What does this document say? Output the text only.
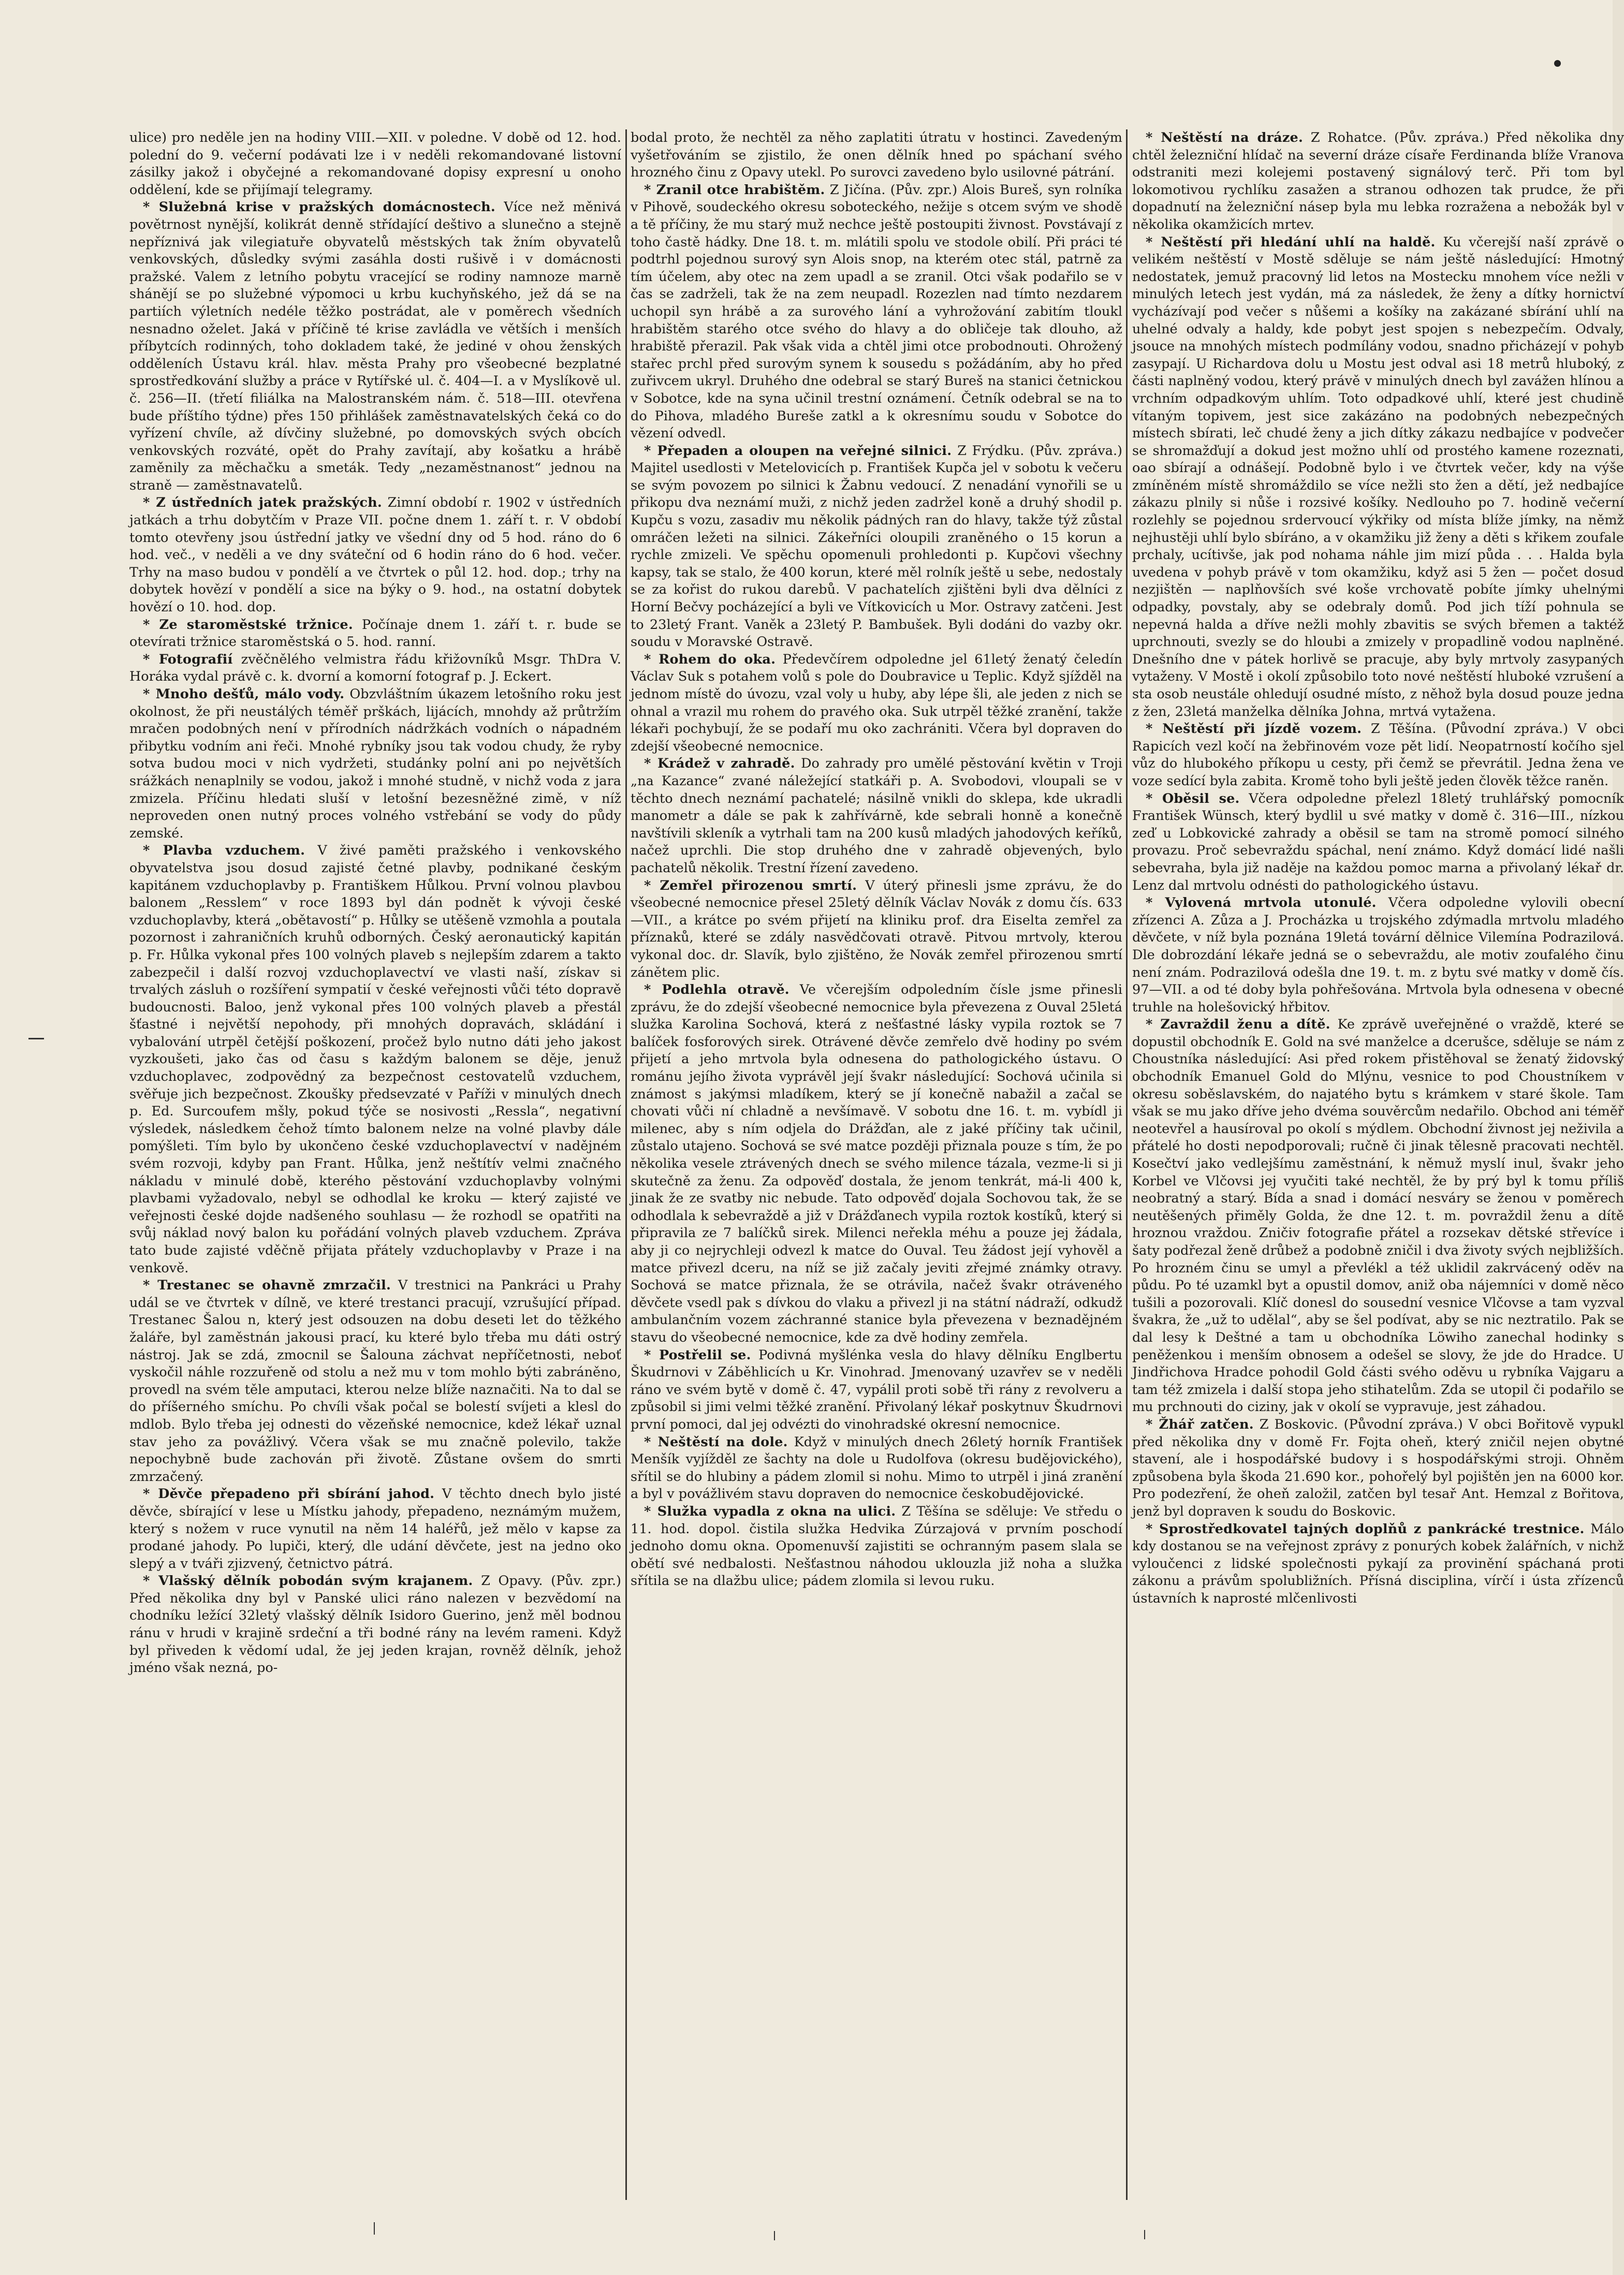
ulice) pro neděle jen na hodiny VIII.—XII. v poledne. V době od 12. hod. polední do 9. večerní podávati lze i v neděli rekomandované listovní zásilky jakož i obyčejné a rekomandované dopisy expresní u onoho oddělení, kde se přijímají telegramy.

* Služebná krise v pražských domácnostech. Více než měnivá povětrnost nynější, kolikrát denně střídající deštivo a slunečno a stejně nepříznivá jak vilegiatuře obyvatelů městských tak žním obyvatelů venkovských, důsledky svými zasáhla dosti rušivě i v domácnosti pražské. Valem z letního pobytu vracející se rodiny namnoze marně shánějí se po služebné výpomoci u krbu kuchyňského, jež dá se na partiích výletních nedéle těžko postrádat, ale v poměrech všedních nesnadno oželet. Jaká v příčině té krise zavládla ve větších i menších příbytcích rodinných, toho dokladem také, že jediné v ohou ženských odděleních Ústavu král. hlav. města Prahy pro všeobecné bezplatné sprostředkování služby a práce v Rytířské ul. č. 404—I. a v Myslíkově ul. č. 256—II. (třetí filiálka na Malostranském nám. č. 518—III. otevřena bude příštího týdne) přes 150 přihlášek zaměstnavatelských čeká co do vyřízení chvíle, až dívčiny služebné, po domovských svých obcích venkovských rozváté, opět do Prahy zavítají, aby košatku a hrábě zaměnily za měchačku a smeták. Tedy „nezaměstnanost“ jednou na straně — zaměstnavatelů.

* Z ústředních jatek pražských. Zimní období r. 1902 v ústředních jatkách a trhu dobytčím v Praze VII. počne dnem 1. září t. r. V období tomto otevřeny jsou ústřední jatky ve všední dny od 5 hod. ráno do 6 hod. več., v neděli a ve dny sváteční od 6 hodin ráno do 6 hod. večer. Trhy na maso budou v pondělí a ve čtvrtek o půl 12. hod. dop.; trhy na dobytek hovězí v pondělí a sice na býky o 9. hod., na ostatní dobytek hovězí o 10. hod. dop.

* Ze staroměstské tržnice. Počínaje dnem 1. září t. r. bude se otevírati tržnice staroměstská o 5. hod. ranní.

* Fotografií zvěčnělého velmistra řádu křižovníků Msgr. ThDra V. Horáka vydal právě c. k. dvorní a komorní fotograf p. J. Eckert.

* Mnoho dešťů, málo vody. Obzvláštním úkazem letošního roku jest okolnost, že při neustálých téměř prškách, lijácích, mnohdy až průtržím mračen podobných není v přírodních nádržkách vodních o nápadném přibytku vodním ani řeči. Mnohé rybníky jsou tak vodou chudy, že ryby sotva budou moci v nich vydržeti, studánky polní ani po největších srážkách nenaplnily se vodou, jakož i mnohé studně, v nichž voda z jara zmizela. Příčinu hledati sluší v letošní bezesněžné zimě, v níž neproveden onen nutný proces volného vstřebání se vody do půdy zemské.

* Plavba vzduchem. V živé paměti pražského i venkovského obyvatelstva jsou dosud zajisté četné plavby, podnikané českým kapitánem vzduchoplavby p. Františkem Hůlkou. První volnou plavbou balonem „Resslem“ v roce 1893 byl dán podnět k vývoji české vzduchoplavby, která „obětavostí“ p. Hůlky se utěšeně vzmohla a poutala pozornost i zahraničních kruhů odborných. Český aeronautický kapitán p. Fr. Hůlka vykonal přes 100 volných plaveb s nejlepším zdarem a takto zabezpečil i další rozvoj vzduchoplavectví ve vlasti naší, získav si trvalých zásluh o rozšíření sympatií v české veřejnosti vůči této dopravě budoucnosti. Baloo, jenž vykonal přes 100 volných plaveb a přestál šťastné i největší nepohody, při mnohých dopravách, skládání i vybalování utrpěl četější poškození, pročež bylo nutno dáti jeho jakost vyzkoušeti, jako čas od času s každým balonem se děje, jenuž vzduchoplavec, zodpovědný za bezpečnost cestovatelů vzduchem, svěřuje jich bezpečnost. Zkoušky předsevzaté v Paříži v minulých dnech p. Ed. Surcoufem mšly, pokud týče se nosivosti „Ressla“, negativní výsledek, následkem čehož tímto balonem nelze na volné plavby dále pomýšleti. Tím bylo by ukončeno české vzduchoplavectví v nadějném svém rozvoji, kdyby pan Frant. Hůlka, jenž neštítív velmi značného nákladu v minulé době, kterého pěstování vzduchoplavby volnými plavbami vyžadovalo, nebyl se odhodlal ke kroku — který zajisté ve veřejnosti české dojde nadšeného souhlasu — že rozhodl se opatřiti na svůj náklad nový balon ku pořádání volných plaveb vzduchem. Zpráva tato bude zajisté vděčně přijata přátely vzduchoplavby v Praze i na venkově.

* Trestanec se ohavně zmrzačil. V trestnici na Pankráci u Prahy udál se ve čtvrtek v dílně, ve které trestanci pracují, vzrušující případ. Trestanec Šalou n, který jest odsouzen na dobu deseti let do těžkého žaláře, byl zaměstnán jakousi prací, ku které bylo třeba mu dáti ostrý nástroj. Jak se zdá, zmocnil se Šalouna záchvat nepříčetnosti, neboť vyskočil náhle rozzuřeně od stolu a než mu v tom mohlo býti zabráněno, provedl na svém těle amputaci, kterou nelze blíže naznačiti. Na to dal se do příšerného smíchu. Po chvíli však počal se bolestí svíjeti a klesl do mdlob. Bylo třeba jej odnesti do vězeňské nemocnice, kdež lékař uznal stav jeho za povážlivý. Včera však se mu značně polevilo, takže nepochybně bude zachován při životě. Zůstane ovšem do smrti zmrzačený.

* Děvče přepadeno při sbírání jahod. V těchto dnech bylo jisté děvče, sbírající v lese u Místku jahody, přepadeno, neznámým mužem, který s nožem v ruce vynutil na něm 14 haléřů, jež mělo v kapse za prodané jahody. Po lupiči, který, dle udání děvčete, jest na jedno oko slepý a v tváři zjizvený, četnictvo pátrá.

* Vlašský dělník pobodán svým krajanem. Z Opavy. (Pův. zpr.) Před několika dny byl v Panské ulici ráno nalezen v bezvědomí na chodníku ležící 32letý vlašský dělník Isidoro Guerino, jenž měl bodnou ránu v hrudi v krajině srdeční a tři bodné rány na levém rameni. Když byl přiveden k vědomí udal, že jej jeden krajan, rovněž dělník, jehož jméno však nezná, po-

bodal proto, že nechtěl za něho zaplatiti útratu v hostinci. Zavedeným vyšetřováním se zjistilo, že onen dělník hned po spáchaní svého hrozného činu z Opavy utekl. Po surovci zavedeno bylo usilovné pátrání.

* Zranil otce hrabištěm. Z Jičína. (Pův. zpr.) Alois Bureš, syn rolníka v Pihově, soudeckého okresu soboteckého, nežije s otcem svým ve shodě a tě příčiny, že mu starý muž nechce ještě postoupiti živnost. Povstávají z toho častě hádky. Dne 18. t. m. mlátili spolu ve stodole obilí. Při práci té podtrhl pojednou surový syn Alois snop, na kterém otec stál, patrně za tím účelem, aby otec na zem upadl a se zranil. Otci však podařilo se v čas se zadrželi, tak že na zem neupadl. Rozezlen nad tímto nezdarem uchopil syn hrábě a za surového lání a vyhrožování zabitím tloukl hrabištěm starého otce svého do hlavy a do obličeje tak dlouho, až hrabiště přerazil. Pak však vida a chtěl jimi otce probodnouti. Ohrožený stařec prchl před surovým synem k sousedu s požádáním, aby ho před zuřivcem ukryl. Druhého dne odebral se starý Bureš na stanici četnickou v Sobotce, kde na syna učinil trestní oznámení. Četník odebral se na to do Pihova, mladého Bureše zatkl a k okresnímu soudu v Sobotce do vězení odvedl.

* Přepaden a oloupen na veřejné silnici. Z Frýdku. (Pův. zpráva.) Majitel usedlosti v Metelovicích p. František Kupča jel v sobotu k večeru se svým povozem po silnici k Žabnu vedoucí. Z nenadání vynořili se u přikopu dva neznámí muži, z nichž jeden zadržel koně a druhý shodil p. Kupču s vozu, zasadiv mu několik pádných ran do hlavy, takže týž zůstal omráčen ležeti na silnici. Zákeřníci oloupili zraněného o 15 korun a rychle zmizeli. Ve spěchu opomenuli prohledonti p. Kupčovi všechny kapsy, tak se stalo, že 400 korun, které měl rolník ještě u sebe, nedostaly se za kořist do rukou darebů. V pachatelích zjištěni byli dva dělníci z Horní Bečvy pocházející a byli ve Vítkovicích u Mor. Ostravy zatčeni. Jest to 23letý Frant. Vaněk a 23letý P. Bambušek. Byli dodáni do vazby okr. soudu v Moravské Ostravě.

* Rohem do oka. Předevčírem odpoledne jel 61letý ženatý čeledín Václav Suk s potahem volů s pole do Doubravice u Teplic. Když sjížděl na jednom místě do úvozu, vzal voly u huby, aby lépe šli, ale jeden z nich se ohnal a vrazil mu rohem do pravého oka. Suk utrpěl těžké zranění, takže lékaři pochybují, že se podaří mu oko zachrániti. Včera byl dopraven do zdejší všeobecné nemocnice.

* Krádež v zahradě. Do zahrady pro umělé pěstování květin v Troji „na Kazance“ zvané náležející statkáři p. A. Svobodovi, vloupali se v těchto dnech neznámí pachatelé; násilně vnikli do sklepa, kde ukradli manometr a dále se pak k zahřívárně, kde sebrali honně a konečně navštívili skleník a vytrhali tam na 200 kusů mladých jahodových keříků, načež uprchli. Die stop druhého dne v zahradě objevených, bylo pachatelů několik. Trestní řízení zavedeno.

* Zemřel přirozenou smrtí. V úterý přinesli jsme zprávu, že do všeobecné nemocnice přesel 25letý dělník Václav Novák z domu čís. 633—VII., a krátce po svém přijetí na kliniku prof. dra Eiselta zemřel za příznaků, které se zdály nasvědčovati otravě. Pitvou mrtvoly, kterou vykonal doc. dr. Slavík, bylo zjištěno, že Novák zemřel přirozenou smrtí zánětem plic.

* Podlehla otravě. Ve včerejším odpoledním čísle jsme přinesli zprávu, že do zdejší všeobecné nemocnice byla převezena z Ouval 25letá služka Karolina Sochová, která z nešťastné lásky vypila roztok se 7 balíček fosforových sirek. Otrávené děvče zemřelo dvě hodiny po svém přijetí a jeho mrtvola byla odnesena do pathologického ústavu. O románu jejího života vyprávěl její švakr následující: Sochová učinila si známost s jakýmsi mladíkem, který se jí konečně nabažil a začal se chovati vůči ní chladně a nevšímavě. V sobotu dne 16. t. m. vybídl ji milenec, aby s ním odjela do Drážďan, ale z jaké příčiny tak učinil, zůstalo utajeno. Sochová se své matce později přiznala pouze s tím, že po několika vesele ztrávených dnech se svého milence tázala, vezme-li si ji skutečně za ženu. Za odpověď dostala, že jenom tenkrát, má-li 400 k, jinak že ze svatby nic nebude. Tato odpověď dojala Sochovou tak, že se odhodlala k sebevraždě a již v Drážďanech vypila roztok kostíků, který si připravila ze 7 balíčků sirek. Milenci neřekla méhu a pouze jej žádala, aby ji co nejrychleji odvezl k matce do Ouval. Teu žádost její vyhověl a matce přivezl dceru, na níž se již začaly jeviti zřejmé známky otravy. Sochová se matce přiznala, že se otrávila, načež švakr otráveného děvčete vsedl pak s dívkou do vlaku a přivezl ji na státní nádraží, odkudž ambulančním vozem záchranné stanice byla převezena v beznadějném stavu do všeobecné nemocnice, kde za dvě hodiny zemřela.

* Postřelil se. Podivná myšlénka vesla do hlavy dělníku Englbertu Škudrnovi v Záběhlicích u Kr. Vinohrad. Jmenovaný uzavřev se v neděli ráno ve svém bytě v domě č. 47, vypálil proti sobě tři rány z revolveru a způsobil si jimi velmi těžké zranění. Přivolaný lékař poskytnuv Škudrnovi první pomoci, dal jej odvézti do vinohradské okresní nemocnice.

* Neštěstí na dole. Když v minulých dnech 26letý horník František Menšík vyjížděl ze šachty na dole u Rudolfova (okresu budějovického), sřítil se do hlubiny a pádem zlomil si nohu. Mimo to utrpěl i jiná zranění a byl v povážlivém stavu dopraven do nemocnice českobudějovické.

* Služka vypadla z okna na ulici. Z Těšína se sděluje: Ve středu o 11. hod. dopol. čistila služka Hedvika Zúrzajová v prvním poschodí jednoho domu okna. Opomenuvší zajistiti se ochranným pasem slala se obětí své nedbalosti. Nešťastnou náhodou uklouzla již noha a služka sřítila se na dlažbu ulice; pádem zlomila si levou ruku.

* Neštěstí na dráze. Z Rohatce. (Pův. zpráva.) Před několika dny chtěl železniční hlídač na severní dráze císaře Ferdinanda blíže Vranova odstraniti mezi kolejemi postavený signálový terč. Při tom byl lokomotivou rychlíku zasažen a stranou odhozen tak prudce, že při dopadnutí na železniční násep byla mu lebka rozražena a nebožák byl v několika okamžicích mrtev.

* Neštěstí při hledání uhlí na haldě. Ku včerejší naší zprávě o velikém neštěstí v Mostě sděluje se nám ještě následující: Hmotný nedostatek, jemuž pracovný lid letos na Mostecku mnohem více nežli v minulých letech jest vydán, má za následek, že ženy a dítky hornictví vycházívají pod večer s nůšemi a košíky na zakázané sbírání uhlí na uhelné odvaly a haldy, kde pobyt jest spojen s nebezpečím. Odvaly, jsouce na mnohých místech podmílány vodou, snadno přicházejí v pohyb zasypají. U Richardova dolu u Mostu jest odval asi 18 metrů hluboký, z části naplněný vodou, který právě v minulých dnech byl zavážen hlínou a vrchním odpadkovým uhlím. Toto odpadkové uhlí, které jest chudině vítaným topivem, jest sice zakázáno na podobných nebezpečných místech sbírati, leč chudé ženy a jich dítky zákazu nedbajíce v podvečer se shromažďují a dokud jest možno uhlí od prostého kamene rozeznati, oao sbírají a odnášejí. Podobně bylo i ve čtvrtek večer, kdy na výše zmíněném místě shromáždilo se více nežli sto žen a dětí, jež nedbajíce zákazu plnily si nůše i rozsivé košíky. Nedlouho po 7. hodině večerní rozlehly se pojednou srdervoucí výkřiky od místa blíže jímky, na němž nejhustěji uhlí bylo sbíráno, a v okamžiku již ženy a děti s křikem zoufale prchaly, ucítivše, jak pod nohama náhle jim mizí půda . . . Halda byla uvedena v pohyb právě v tom okamžiku, když asi 5 žen — počet dosud nezjištěn — naplňovších své koše vrchovatě pobíte jímky uhelnými odpadky, povstaly, aby se odebraly domů. Pod jich tíží pohnula se nepevná halda a dříve nežli mohly zbavitis se svých břemen a taktéž uprchnouti, svezly se do hloubi a zmizely v propadlině vodou naplněné. Dnešního dne v pátek horlivě se pracuje, aby byly mrtvoly zasypaných vytaženy. V Mostě i okolí způsobilo toto nové neštěstí hluboké vzrušení a sta osob neustále ohledují osudné místo, z něhož byla dosud pouze jedna z žen, 23letá manželka dělníka Johna, mrtvá vytažena.

* Neštěstí při jízdě vozem. Z Těšína. (Původní zpráva.) V obci Rapicích vezl kočí na žebřinovém voze pět lidí. Neopatrností kočího sjel vůz do hlubokého příkopu u cesty, při čemž se převrátil. Jedna žena ve voze sedící byla zabita. Kromě toho byli ještě jeden člověk těžce raněn.

* Oběsil se. Včera odpoledne přelezl 18letý truhlářský pomocník František Wünsch, který bydlil u své matky v domě č. 316—III., nízkou zeď u Lobkovické zahrady a oběsil se tam na stromě pomocí silného provazu. Proč sebevraždu spáchal, není známo. Když domácí lidé našli sebevraha, byla již naděje na každou pomoc marna a přivolaný lékař dr. Lenz dal mrtvolu odnésti do pathologického ústavu.

* Vylovená mrtvola utonulé. Včera odpoledne vylovili obecní zřízenci A. Zůza a J. Procházka u trojského zdýmadla mrtvolu mladého děvčete, v níž byla poznána 19letá tovární dělnice Vilemína Podrazilová. Dle dobrozdání lékaře jedná se o sebevraždu, ale motiv zoufalého činu není znám. Podrazilová odešla dne 19. t. m. z bytu své matky v domě čís. 97—VII. a od té doby byla pohřešována. Mrtvola byla odnesena v obecné truhle na holešovický hřbitov.

* Zavraždil ženu a dítě. Ke zprávě uveřejněné o vraždě, které se dopustil obchodník E. Gold na své manželce a dcerušce, sděluje se nám z Choustníka následující: Asi před rokem přistěhoval se ženatý židovský obchodník Emanuel Gold do Mlýnu, vesnice to pod Choustníkem v okresu soběslavském, do najatého bytu s krámkem v staré škole. Tam však se mu jako dříve jeho dvéma souvěrcům nedařilo. Obchod ani téměř neotevřel a hausíroval po okolí s mýdlem. Obchodní živnost jej neživila a přátelé ho dosti nepodporovali; ručně či jinak tělesně pracovati nechtěl. Kosečtví jako vedlejšímu zaměstnání, k němuž myslí inul, švakr jeho Korbel ve Vlčovsi jej vyučiti také nechtěl, že by prý byl k tomu příliš neobratný a starý. Bída a snad i domácí nesváry se ženou v poměrech neutěšených přiměly Golda, že dne 12. t. m. povraždil ženu a dítě hroznou vraždou. Zničiv fotografie přátel a rozsekav dětské střevíce i šaty podřezal ženě drůbež a podobně zničil i dva životy svých nejbližších. Po hrozném činu se umyl a převlékl a též uklidil zakrvácený oděv na půdu. Po té uzamkl byt a opustil domov, aniž oba nájemníci v domě něco tušili a pozorovali. Klíč donesl do sousední vesnice Vlčovse a tam vyzval švakra, že „už to udělal“, aby se šel podívat, aby se nic neztratilo. Pak se dal lesy k Deštné a tam u obchodníka Löwiho zanechal hodinky s peněženkou i menším obnosem a odešel se slovy, že jde do Hradce. U Jindřichova Hradce pohodil Gold části svého oděvu u rybníka Vajgaru a tam též zmizela i další stopa jeho stihatelům. Zda se utopil či podařilo se mu prchnouti do ciziny, jak v okolí se vypravuje, jest záhadou.

* Žhář zatčen. Z Boskovic. (Původní zpráva.) V obci Bořitově vypukl před několika dny v domě Fr. Fojta oheň, který zničil nejen obytné stavení, ale i hospodářské budovy i s hospodářskými stroji. Ohněm způsobena byla škoda 21.690 kor., pohořelý byl pojištěn jen na 6000 kor. Pro podezření, že oheň založil, zatčen byl tesař Ant. Hemzal z Bořitova, jenž byl dopraven k soudu do Boskovic.

* Sprostředkovatel tajných doplňů z pankrácké trestnice. Málo kdy dostanou se na veřejnost zprávy z ponurých kobek žalářních, v nichž vyloučenci z lidské společnosti pykají za provinění spáchaná proti zákonu a právům spolubližních. Přísná disciplina, vírčí i ústa zřízenců ústavních k naprosté mlčenlivosti
